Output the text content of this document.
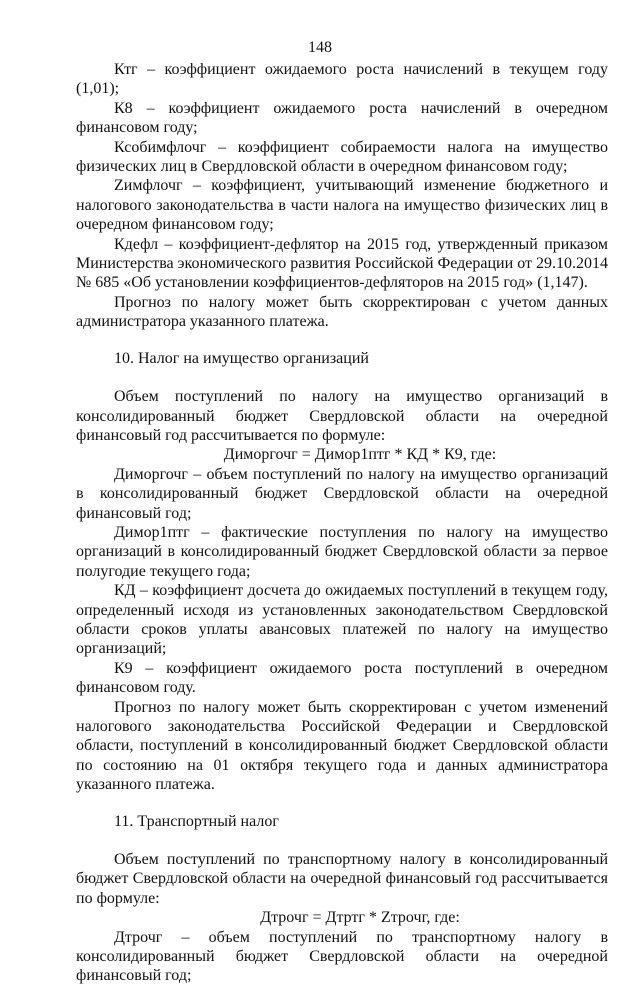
148

Ктг – коэффициент ожидаемого роста начислений в текущем году (1,01);

К8 – коэффициент ожидаемого роста начислений в очередном финансовом году;

Ксобимфлочг – коэффициент собираемости налога на имущество физических лиц в Свердловской области в очередном финансовом году;

Zимфлочг – коэффициент, учитывающий изменение бюджетного и налогового законодательства в части налога на имущество физических лиц в очередном финансовом году;

Кдефл – коэффициент-дефлятор на 2015 год, утвержденный приказом Министерства экономического развития Российской Федерации от 29.10.2014 № 685 «Об установлении коэффициентов-дефляторов на 2015 год» (1,147).

Прогноз по налогу может быть скорректирован с учетом данных администратора указанного платежа.

10. Налог на имущество организаций

Объем поступлений по налогу на имущество организаций в консолидированный бюджет Свердловской области на очередной финансовый год рассчитывается по формуле:

Диморгочг = Димор1птг * КД * К9, где:

Диморгочг – объем поступлений по налогу на имущество организаций в консолидированный бюджет Свердловской области на очередной финансовый год;

Димор1птг – фактические поступления по налогу на имущество организаций в консолидированный бюджет Свердловской области за первое полугодие текущего года;

КД – коэффициент досчета до ожидаемых поступлений в текущем году, определенный исходя из установленных законодательством Свердловской области сроков уплаты авансовых платежей по налогу на имущество организаций;

К9 – коэффициент ожидаемого роста поступлений в очередном финансовом году.

Прогноз по налогу может быть скорректирован с учетом изменений налогового законодательства Российской Федерации и Свердловской области, поступлений в консолидированный бюджет Свердловской области по состоянию на 01 октября текущего года и данных администратора указанного платежа.

11. Транспортный налог

Объем поступлений по транспортному налогу в консолидированный бюджет Свердловской области на очередной финансовый год рассчитывается по формуле:

Дтрочг = Дтртг * Zтрочг, где:

Дтрочг – объем поступлений по транспортному налогу в консолидированный бюджет Свердловской области на очередной финансовый год;
